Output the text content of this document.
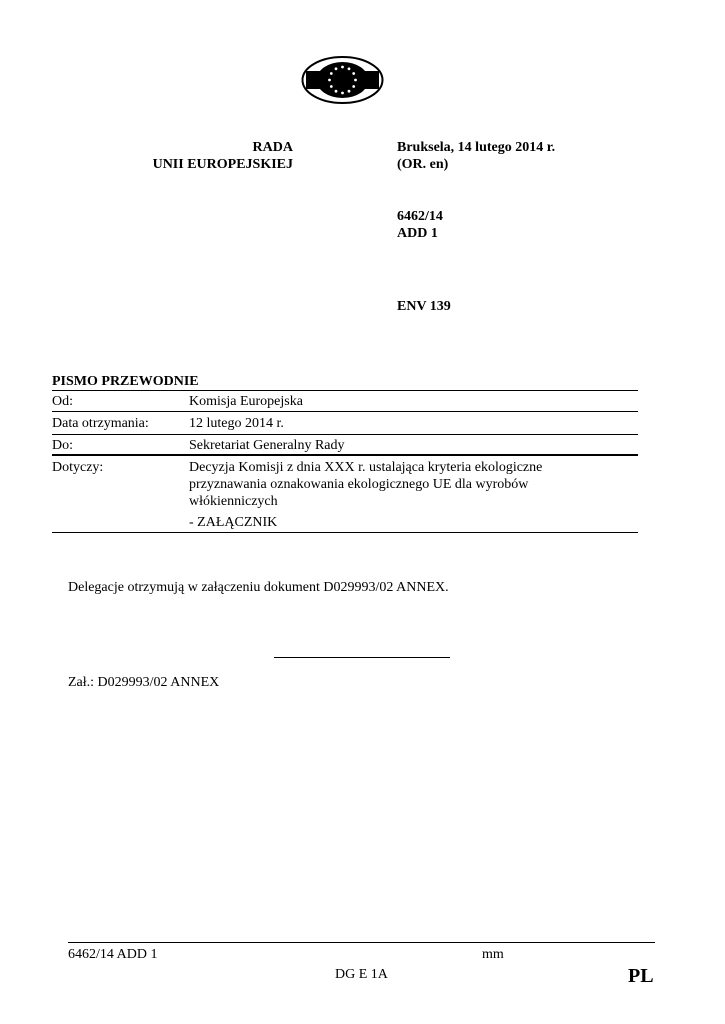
RADA
UNII EUROPEJSKIEJ
Bruksela, 14 lutego 2014 r.
(OR. en)
6462/14
ADD 1
ENV 139
PISMO PRZEWODNIE
Od:	Komisja Europejska
Data otrzymania:	12 lutego 2014 r.
Do:	Sekretariat Generalny Rady
Dotyczy:	Decyzja Komisji z dnia XXX r. ustalająca kryteria ekologiczne przyznawania oznakowania ekologicznego UE dla wyrobów włókienniczych
- ZAŁĄCZNIK
Delegacje otrzymują w załączeniu dokument D029993/02 ANNEX.
Zał.: D029993/02 ANNEX
6462/14 ADD 1	mm
DG E 1A	PL
